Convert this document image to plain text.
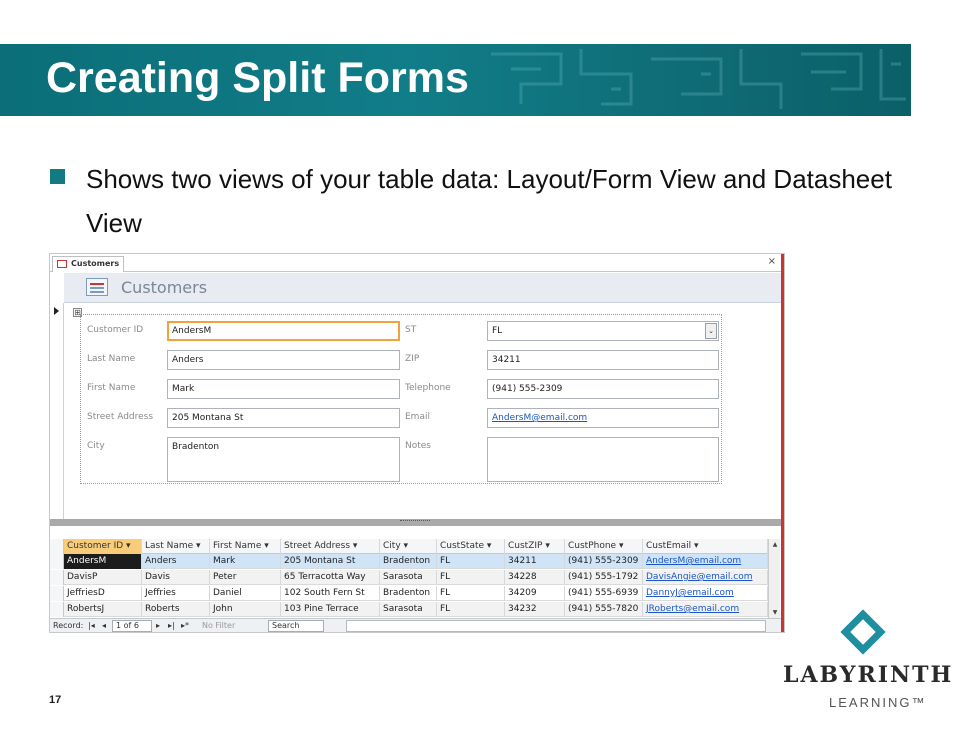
Creating Split Forms
Shows two views of your table data: Layout/Form View and Datasheet View
Customers	×
Customers
⊞
Customer ID	AndersM
Last Name	Anders
First Name	Mark
Street Address	205 Montana St
City	Bradenton
ST	FL	⌄
ZIP	34211
Telephone	(941) 555-2309
Email	AndersM@email.com
Notes
Customer ID ▾	Last Name ▾	First Name ▾	Street Address ▾	City ▾	CustState ▾	CustZIP ▾	CustPhone ▾	CustEmail ▾
AndersM	Anders	Mark	205 Montana St	Bradenton	FL	34211	(941) 555-2309 AndersM@email.com
DavisP	Davis	Peter	65 Terracotta Way	Sarasota	FL	34228	(941) 555-1792 DavisAngie@email.com
JeffriesD	Jeffries	Daniel	102 South Fern St	Bradenton	FL	34209	(941) 555-6939 DannyJ@email.com
RobertsJ	Roberts	John	103 Pine Terrace	Sarasota	FL	34232	(941) 555-7820 JRoberts@email.com
▲
▼
Record: |◂ ◂	1 of 6	▸ ▸| ▸* No Filter	Search
LABYRINTH
LEARNING™
17
